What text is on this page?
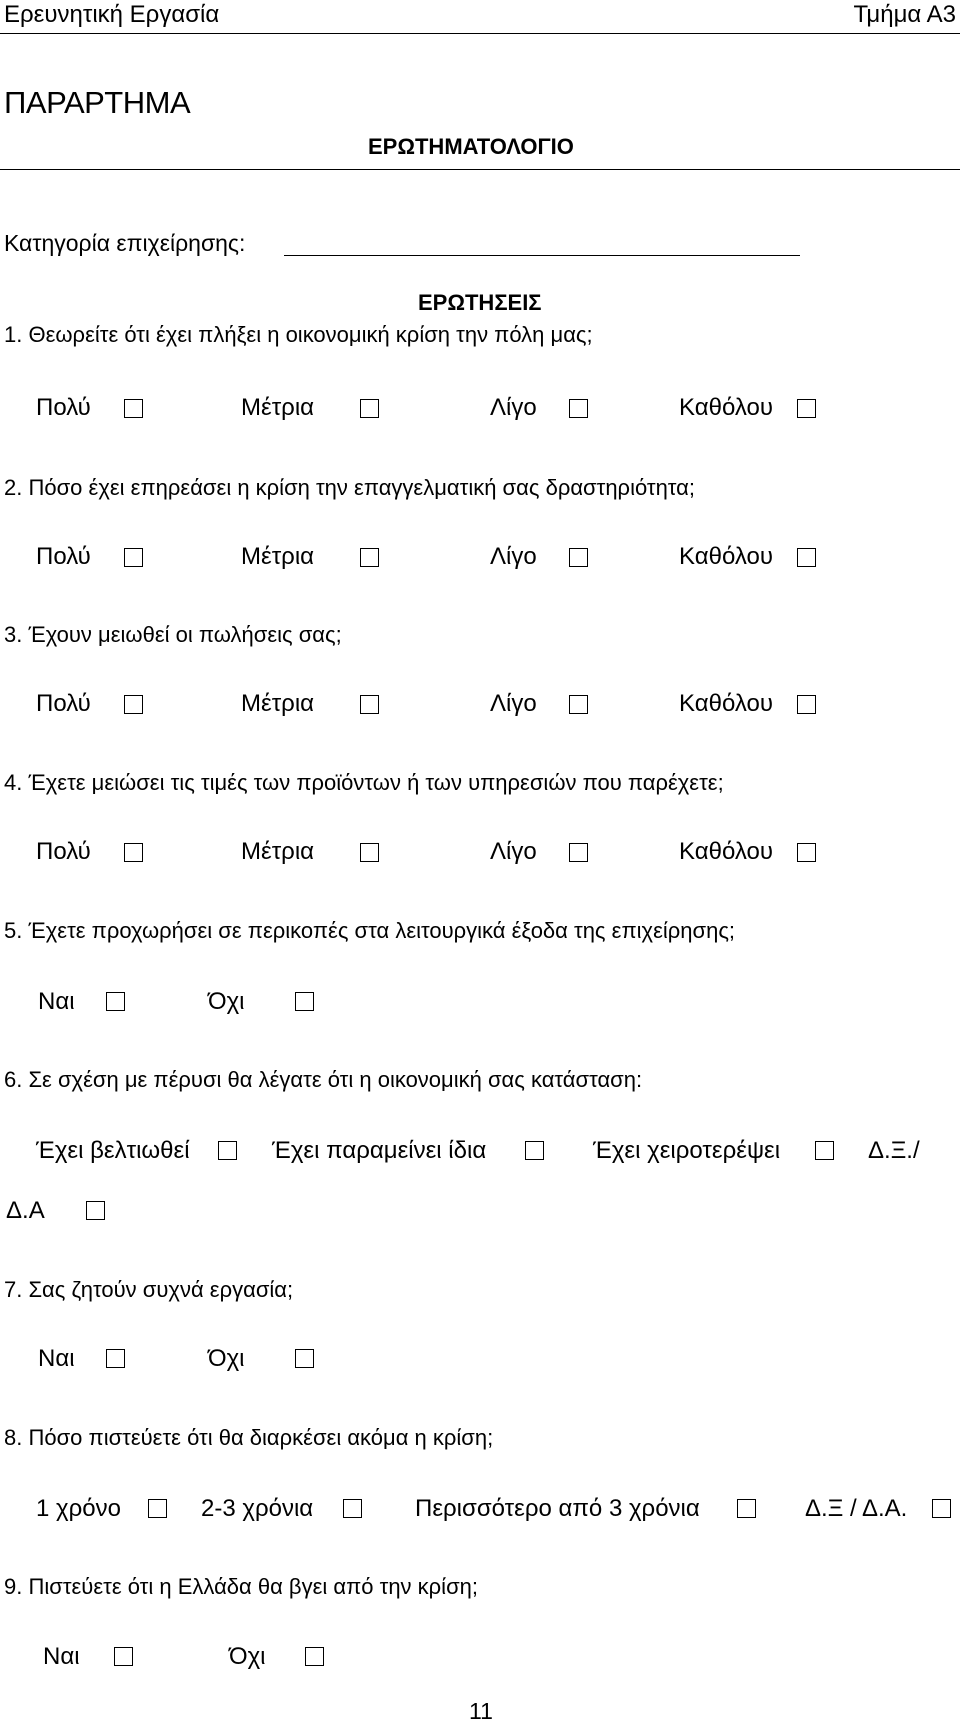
Ερευνητική Εργασία	Τμήμα Α3
ΠΑΡΑΡΤΗΜΑ
ΕΡΩΤΗΜΑΤΟΛΟΓΙΟ
Κατηγορία επιχείρησης:
ΕΡΩΤΗΣΕΙΣ
1. Θεωρείτε ότι έχει πλήξει η οικονομική κρίση την πόλη μας;
Πολύ	Μέτρια	Λίγο	Καθόλου
2. Πόσο έχει επηρεάσει η κρίση την επαγγελματική σας δραστηριότητα;
Πολύ	Μέτρια	Λίγο	Καθόλου
3. Έχουν μειωθεί οι πωλήσεις σας;
Πολύ	Μέτρια	Λίγο	Καθόλου
4. Έχετε μειώσει τις τιμές των προϊόντων ή των υπηρεσιών που παρέχετε;
Πολύ	Μέτρια	Λίγο	Καθόλου
5. Έχετε προχωρήσει σε περικοπές στα λειτουργικά έξοδα της επιχείρησης;
Ναι	Όχι
6. Σε σχέση με πέρυσι θα λέγατε ότι η οικονομική σας κατάσταση:
Έχει βελτιωθεί	Έχει παραμείνει ίδια	Έχει χειροτερέψει	Δ.Ξ./
Δ.Α
7. Σας ζητούν συχνά εργασία;
Ναι	Όχι
8. Πόσο πιστεύετε ότι θα διαρκέσει ακόμα η κρίση;
1 χρόνο	2-3 χρόνια	Περισσότερο από 3 χρόνια	Δ.Ξ / Δ.Α.
9. Πιστεύετε ότι η Ελλάδα θα βγει από την κρίση;
Ναι	Όχι
11
